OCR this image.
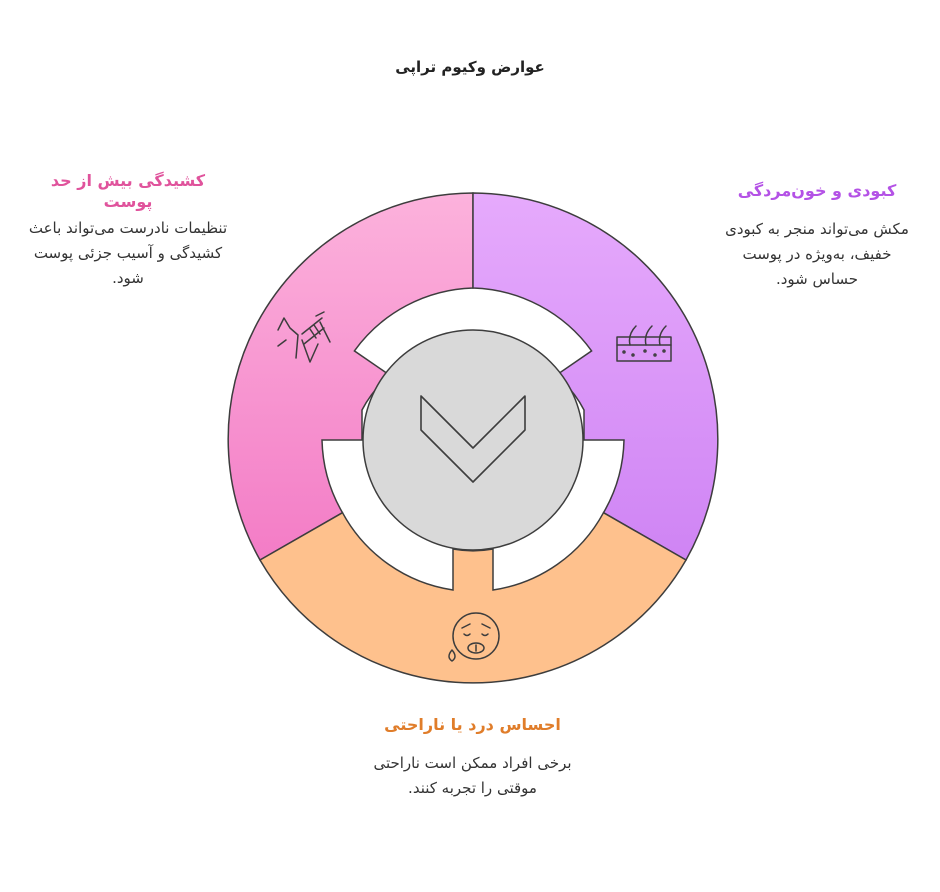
عوارض وکیوم تراپی
کشیدگی بیش از حد پوست
تنظیمات نادرست می‌تواند باعث کشیدگی و آسیب جزئی پوست شود.
کبودی و خون‌مردگی
مکش می‌تواند منجر به کبودی خفیف، به‌ویژه در پوست حساس شود.
احساس درد یا ناراحتی
برخی افراد ممکن است ناراحتی موقتی را تجربه کنند.
